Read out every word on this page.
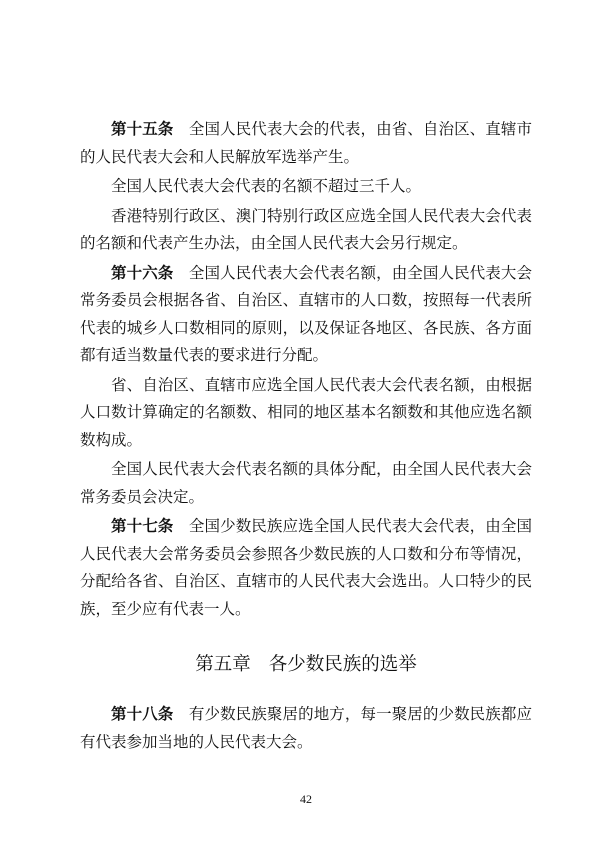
第十五条 全国人民代表大会的代表，由省、自治区、直辖市的人民代表大会和人民解放军选举产生。

全国人民代表大会代表的名额不超过三千人。

香港特别行政区、澳门特别行政区应选全国人民代表大会代表的名额和代表产生办法，由全国人民代表大会另行规定。

第十六条 全国人民代表大会代表名额，由全国人民代表大会常务委员会根据各省、自治区、直辖市的人口数，按照每一代表所代表的城乡人口数相同的原则，以及保证各地区、各民族、各方面都有适当数量代表的要求进行分配。

省、自治区、直辖市应选全国人民代表大会代表名额，由根据人口数计算确定的名额数、相同的地区基本名额数和其他应选名额数构成。

全国人民代表大会代表名额的具体分配，由全国人民代表大会常务委员会决定。

第十七条 全国少数民族应选全国人民代表大会代表，由全国人民代表大会常务委员会参照各少数民族的人口数和分布等情况，分配给各省、自治区、直辖市的人民代表大会选出。人口特少的民族，至少应有代表一人。

第五章 各少数民族的选举

第十八条 有少数民族聚居的地方，每一聚居的少数民族都应有代表参加当地的人民代表大会。

42
